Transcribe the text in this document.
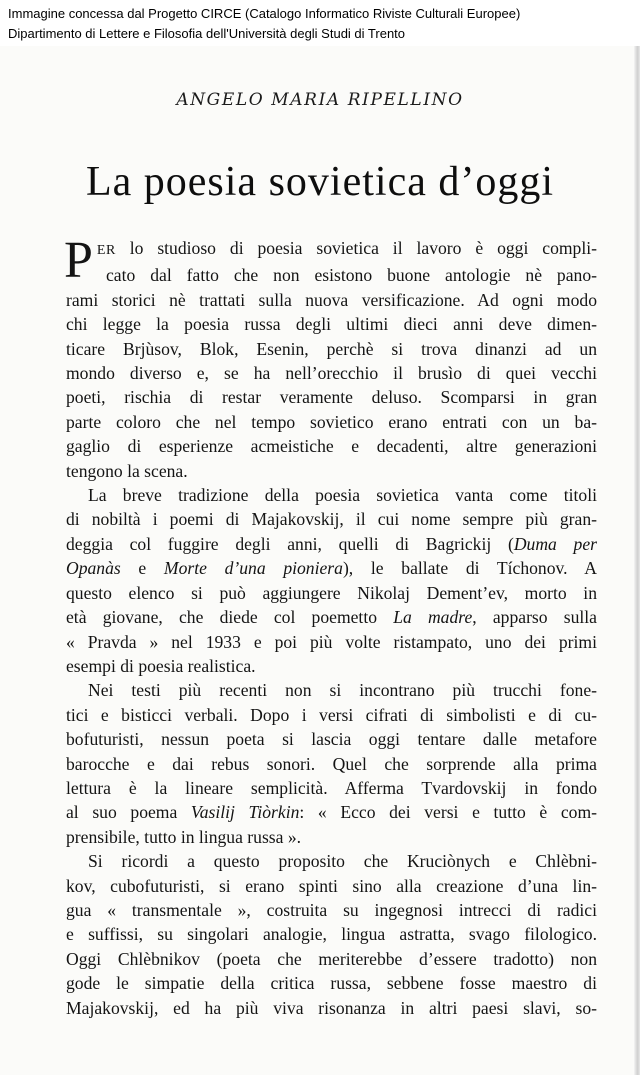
Immagine concessa dal Progetto CIRCE (Catalogo Informatico Riviste Culturali Europee)
Dipartimento di Lettere e Filosofia dell'Università degli Studi di Trento
ANGELO MARIA RIPELLINO
La poesia sovietica d’oggi

P ER lo studioso di poesia sovietica il lavoro è oggi compli-
cato dal fatto che non esistono buone antologie nè pano-
rami storici nè trattati sulla nuova versificazione. Ad ogni modo
chi legge la poesia russa degli ultimi dieci anni deve dimen-
ticare Brjùsov, Blok, Esenin, perchè si trova dinanzi ad un
mondo diverso e, se ha nell’orecchio il brusìo di quei vecchi
poeti, rischia di restar veramente deluso. Scomparsi in gran
parte coloro che nel tempo sovietico erano entrati con un ba-
gaglio di esperienze acmeistiche e decadenti, altre generazioni
tengono la scena.

La breve tradizione della poesia sovietica vanta come titoli
di nobiltà i poemi di Majakovskij, il cui nome sempre più gran-
deggia col fuggire degli anni, quelli di Bagrickij (Duma per
Opanàs e Morte d’una pioniera), le ballate di Tíchonov. A
questo elenco si può aggiungere Nikolaj Dement’ev, morto in
età giovane, che diede col poemetto La madre, apparso sulla
« Pravda » nel 1933 e poi più volte ristampato, uno dei primi
esempi di poesia realistica.

Nei testi più recenti non si incontrano più trucchi fone-
tici e bisticci verbali. Dopo i versi cifrati di simbolisti e di cu-
bofuturisti, nessun poeta si lascia oggi tentare dalle metafore
barocche e dai rebus sonori. Quel che sorprende alla prima
lettura è la lineare semplicità. Afferma Tvardovskij in fondo
al suo poema Vasilij Tiòrkin: « Ecco dei versi e tutto è com-
prensibile, tutto in lingua russa ».

Si ricordi a questo proposito che Kruciònych e Chlèbni-
kov, cubofuturisti, si erano spinti sino alla creazione d’una lin-
gua « transmentale », costruita su ingegnosi intrecci di radici
e suffissi, su singolari analogie, lingua astratta, svago filologico.
Oggi Chlèbnikov (poeta che meriterebbe d’essere tradotto) non
gode le simpatie della critica russa, sebbene fosse maestro di
Majakovskij, ed ha più viva risonanza in altri paesi slavi, so-
